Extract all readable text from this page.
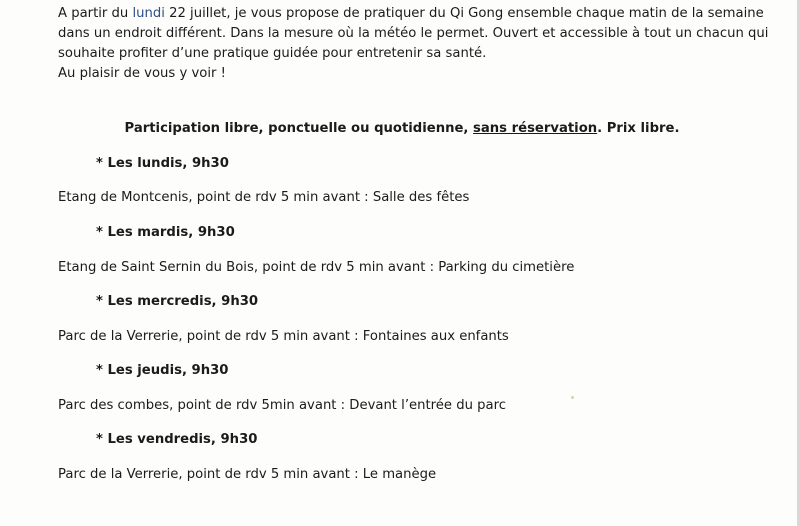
A partir du lundi 22 juillet, je vous propose de pratiquer du Qi Gong ensemble chaque matin de la semaine
dans un endroit différent. Dans la mesure où la météo le permet. Ouvert et accessible à tout un chacun qui
souhaite profiter d’une pratique guidée pour entretenir sa santé.
Au plaisir de vous y voir !
Participation libre, ponctuelle ou quotidienne, sans réservation. Prix libre.
* Les lundis, 9h30
Etang de Montcenis, point de rdv 5 min avant : Salle des fêtes
* Les mardis, 9h30
Etang de Saint Sernin du Bois, point de rdv 5 min avant : Parking du cimetière
* Les mercredis, 9h30
Parc de la Verrerie, point de rdv 5 min avant : Fontaines aux enfants
* Les jeudis, 9h30
Parc des combes, point de rdv 5min avant : Devant l’entrée du parc
* Les vendredis, 9h30
Parc de la Verrerie, point de rdv 5 min avant : Le manège
